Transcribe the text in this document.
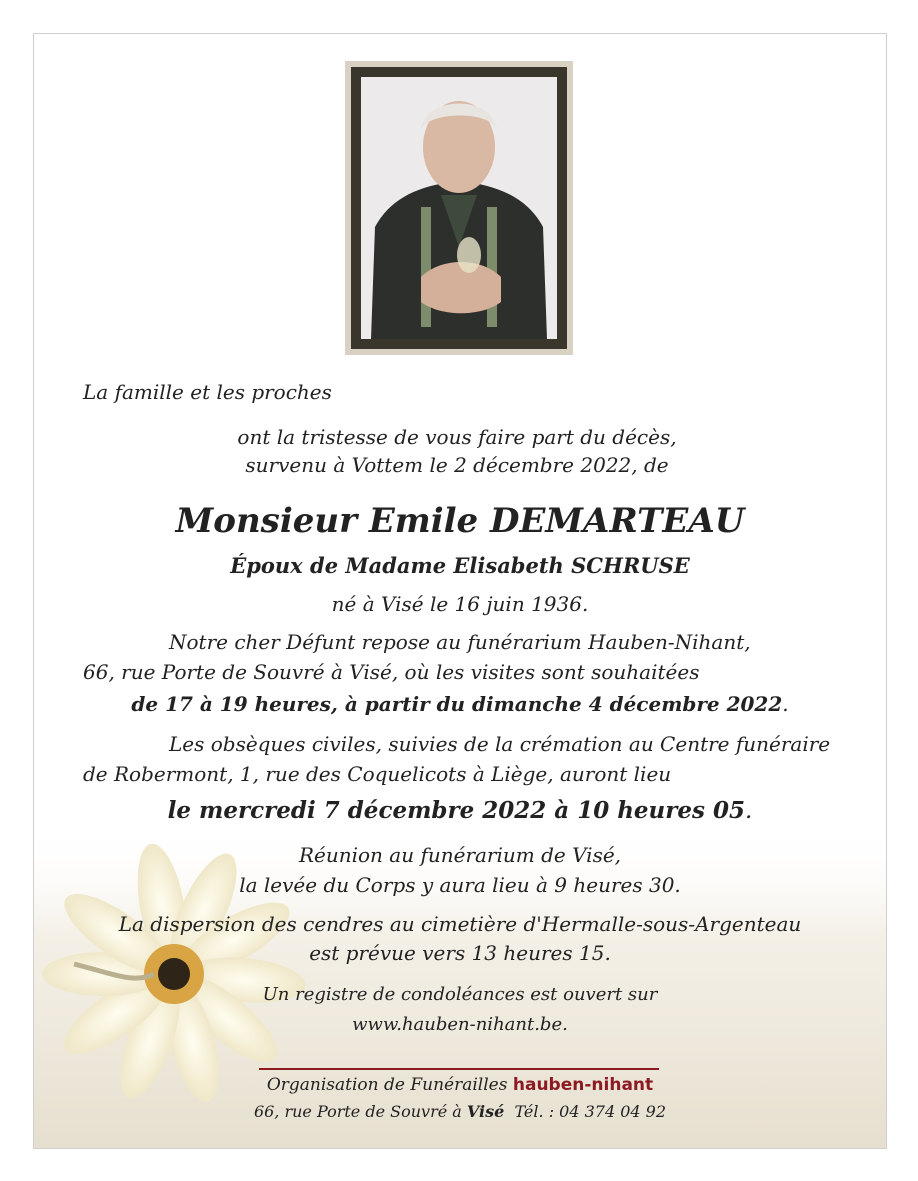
La famille et les proches
ont la tristesse de vous faire part du décès,
survenu à Vottem le 2 décembre 2022, de
Monsieur Emile DEMARTEAU
Époux de Madame Elisabeth SCHRUSE
né à Visé le 16 juin 1936.
Notre cher Défunt repose au funérarium Hauben-Nihant,
66, rue Porte de Souvré à Visé, où les visites sont souhaitées
de 17 à 19 heures, à partir du dimanche 4 décembre 2022.
Les obsèques civiles, suivies de la crémation au Centre funéraire
de Robermont, 1, rue des Coquelicots à Liège, auront lieu
le mercredi 7 décembre 2022 à 10 heures 05.
Réunion au funérarium de Visé,
la levée du Corps y aura lieu à 9 heures 30.
La dispersion des cendres au cimetière d'Hermalle-sous-Argenteau
est prévue vers 13 heures 15.
Un registre de condoléances est ouvert sur
www.hauben-nihant.be.
Organisation de Funérailles hauben-nihant
66, rue Porte de Souvré à Visé  Tél. : 04 374 04 92
